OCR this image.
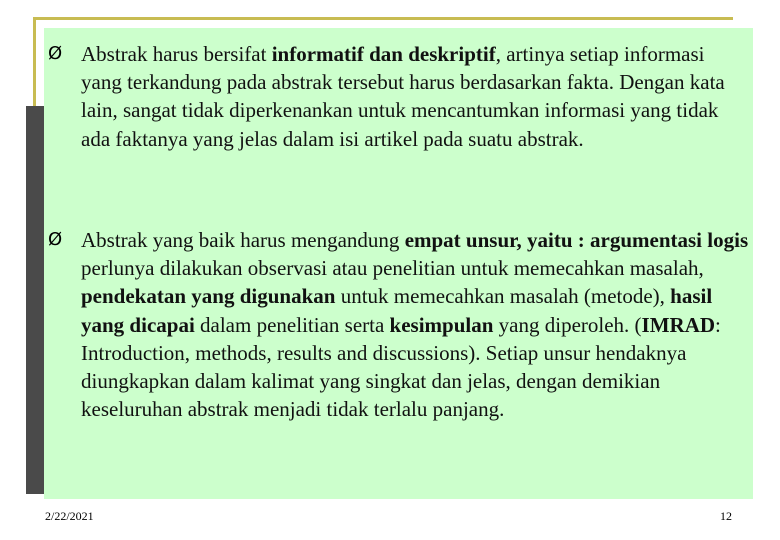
Ø Abstrak harus bersifat informatif dan deskriptif, artinya setiap informasi yang terkandung pada abstrak tersebut harus berdasarkan fakta. Dengan kata lain, sangat tidak diperkenankan untuk mencantumkan informasi yang tidak ada faktanya yang jelas dalam isi artikel pada suatu abstrak.
Ø Abstrak yang baik harus mengandung empat unsur, yaitu : argumentasi logis perlunya dilakukan observasi atau penelitian untuk memecahkan masalah, pendekatan yang digunakan untuk memecahkan masalah (metode), hasil yang dicapai dalam penelitian serta kesimpulan yang diperoleh. (IMRAD: Introduction, methods, results and discussions). Setiap unsur hendaknya diungkapkan dalam kalimat yang singkat dan jelas, dengan demikian keseluruhan abstrak menjadi tidak terlalu panjang.
2/22/2021	12
